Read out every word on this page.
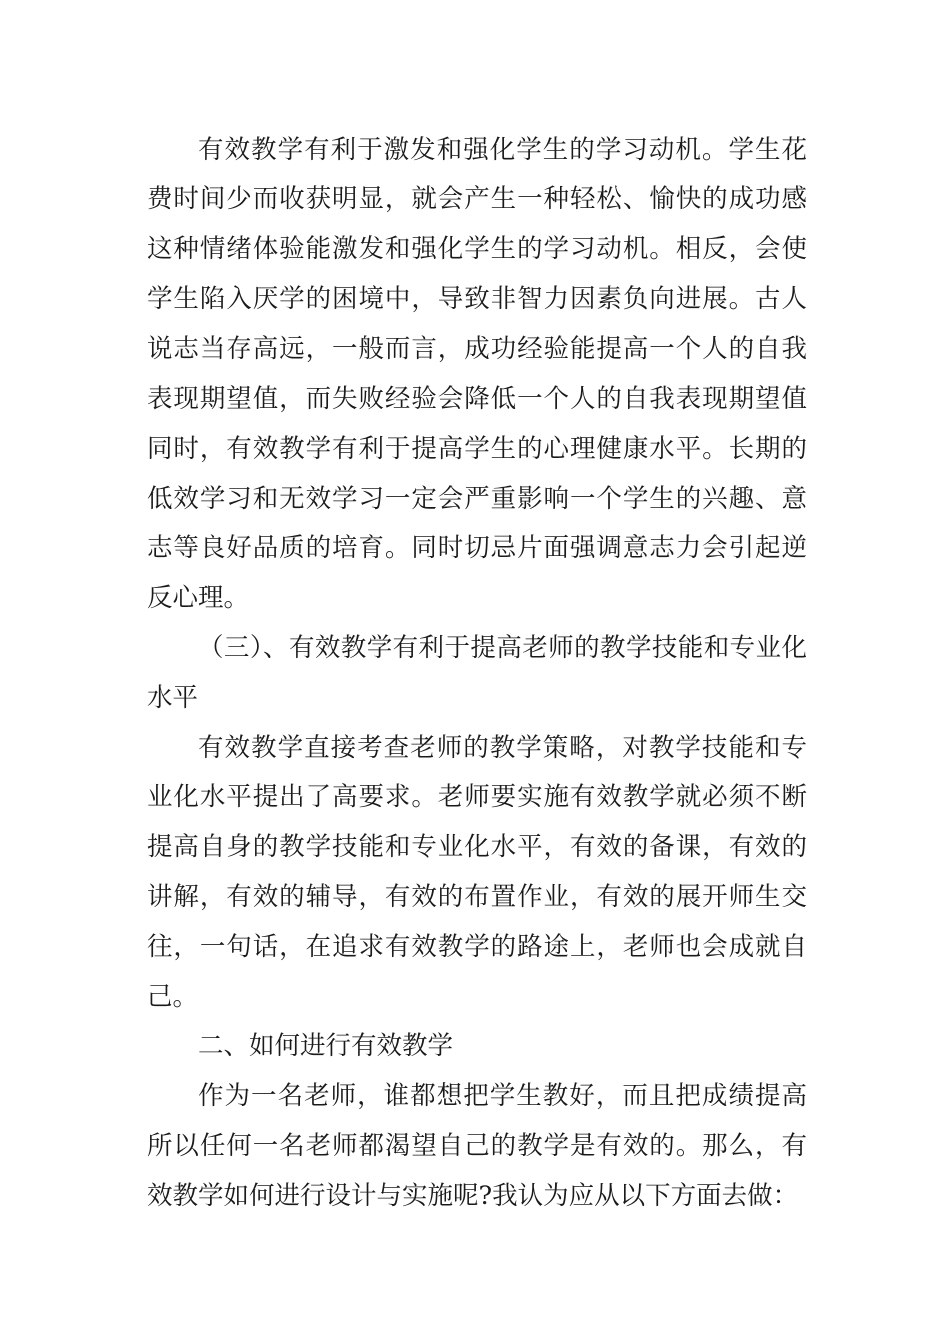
有效教学有利于激发和强化学生的学习动机。学生花
费时间少而收获明显，就会产生一种轻松、愉快的成功感
这种情绪体验能激发和强化学生的学习动机。相反，会使
学生陷入厌学的困境中，导致非智力因素负向进展。古人
说志当存高远，一般而言，成功经验能提高一个人的自我
表现期望值，而失败经验会降低一个人的自我表现期望值
同时，有效教学有利于提高学生的心理健康水平。长期的
低效学习和无效学习一定会严重影响一个学生的兴趣、意
志等良好品质的培育。同时切忌片面强调意志力会引起逆
反心理。
（三）、有效教学有利于提高老师的教学技能和专业化
水平
有效教学直接考查老师的教学策略，对教学技能和专
业化水平提出了高要求。老师要实施有效教学就必须不断
提高自身的教学技能和专业化水平，有效的备课，有效的
讲解，有效的辅导，有效的布置作业，有效的展开师生交
往，一句话，在追求有效教学的路途上，老师也会成就自
己。
二、如何进行有效教学
作为一名老师，谁都想把学生教好，而且把成绩提高
所以任何一名老师都渴望自己的教学是有效的。那么，有
效教学如何进行设计与实施呢?我认为应从以下方面去做：
